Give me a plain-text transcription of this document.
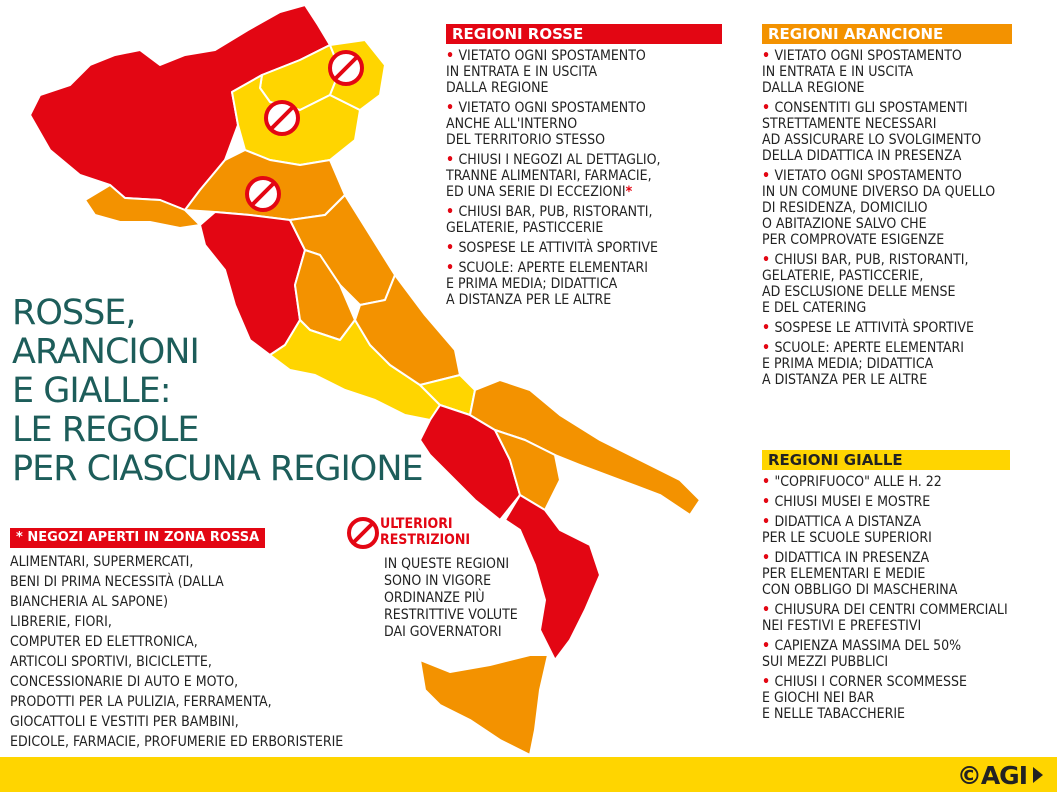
ROSSE,
ARANCIONI
E GIALLE:
LE REGOLE
PER CIASCUNA REGIONE
REGIONI ROSSE
• VIETATO OGNI SPOSTAMENTO
IN ENTRATA E IN USCITA
DALLA REGIONE
• VIETATO OGNI SPOSTAMENTO
ANCHE ALL'INTERNO
DEL TERRITORIO STESSO
• CHIUSI I NEGOZI AL DETTAGLIO,
TRANNE ALIMENTARI, FARMACIE,
ED UNA SERIE DI ECCEZIONI*
• CHIUSI BAR, PUB, RISTORANTI,
GELATERIE, PASTICCERIE
• SOSPESE LE ATTIVITÀ SPORTIVE
• SCUOLE: APERTE ELEMENTARI
E PRIMA MEDIA; DIDATTICA
A DISTANZA PER LE ALTRE
REGIONI ARANCIONE
• VIETATO OGNI SPOSTAMENTO
IN ENTRATA E IN USCITA
DALLA REGIONE
• CONSENTITI GLI SPOSTAMENTI
STRETTAMENTE NECESSARI
AD ASSICURARE LO SVOLGIMENTO
DELLA DIDATTICA IN PRESENZA
• VIETATO OGNI SPOSTAMENTO
IN UN COMUNE DIVERSO DA QUELLO
DI RESIDENZA, DOMICILIO
O ABITAZIONE SALVO CHE
PER COMPROVATE ESIGENZE
• CHIUSI BAR, PUB, RISTORANTI,
GELATERIE, PASTICCERIE,
AD ESCLUSIONE DELLE MENSE
E DEL CATERING
• SOSPESE LE ATTIVITÀ SPORTIVE
• SCUOLE: APERTE ELEMENTARI
E PRIMA MEDIA; DIDATTICA
A DISTANZA PER LE ALTRE
REGIONI GIALLE
• "COPRIFUOCO" ALLE H. 22
• CHIUSI MUSEI E MOSTRE
• DIDATTICA A DISTANZA
PER LE SCUOLE SUPERIORI
• DIDATTICA IN PRESENZA
PER ELEMENTARI E MEDIE
CON OBBLIGO DI MASCHERINA
• CHIUSURA DEI CENTRI COMMERCIALI
NEI FESTIVI E PREFESTIVI
• CAPIENZA MASSIMA DEL 50%
SUI MEZZI PUBBLICI
• CHIUSI I CORNER SCOMMESSE
E GIOCHI NEI BAR
E NELLE TABACCHERIE
* NEGOZI APERTI IN ZONA ROSSA
ALIMENTARI, SUPERMERCATI,
BENI DI PRIMA NECESSITÀ (DALLA
BIANCHERIA AL SAPONE)
LIBRERIE, FIORI,
COMPUTER ED ELETTRONICA,
ARTICOLI SPORTIVI, BICICLETTE,
CONCESSIONARIE DI AUTO E MOTO,
PRODOTTI PER LA PULIZIA, FERRAMENTA,
GIOCATTOLI E VESTITI PER BAMBINI,
EDICOLE, FARMACIE, PROFUMERIE ED ERBORISTERIE
ULTERIORI
RESTRIZIONI
IN QUESTE REGIONI
SONO IN VIGORE
ORDINANZE PIÙ
RESTRITTIVE VOLUTE
DAI GOVERNATORI
©AGI
